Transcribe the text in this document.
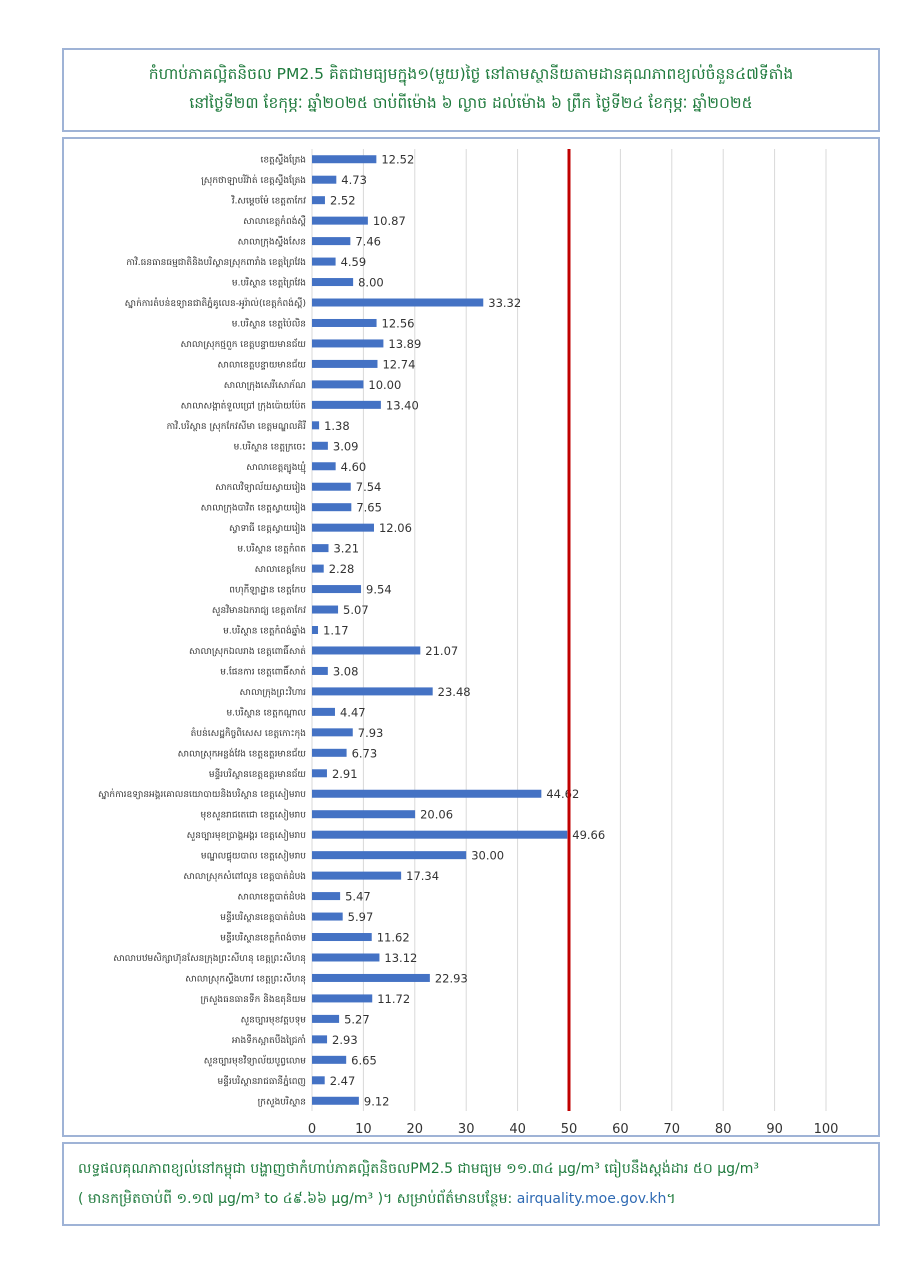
កំហាប់ភាគល្អិតនិចល PM2.5 គិតជាមធ្យមក្នុង១(មួយ)ថ្ងៃ នៅតាមស្ថានីយតាមដានគុណភាពខ្យល់ចំនួន៤៧ទីតាំង
នៅថ្ងៃទី២៣ ខែកុម្ភៈ ឆ្នាំ២០២៥ ចាប់ពីម៉ោង ៦ ល្ងាច ដល់ម៉ោង ៦ ព្រឹក ថ្ងៃទី២៤ ខែកុម្ភៈ ឆ្នាំ២០២៥
0	10	20	30	40	50	60	70	80	90 100
ខេត្តស្ទឹងត្រែង	12.52
ស្រុកថាឡាបរិវ៉ាត់ ខេត្តស្ទឹងត្រែង	4.73
វិ.សម្តេចម៉ែ ខេត្តតាកែវ 2.52
សាលាខេត្តកំពង់ស្ពឺ	10.87
សាលាក្រុងស្ទឹងសែន	7.46
កាវិ.ធនធានធម្មជាតិនិងបរិស្ថានស្រុកពារាំង ខេត្តព្រៃវែង	4.59
ម.បរិស្ថាន ខេត្តព្រៃវែង	8.00
ស្នាក់ការតំបន់ឧទ្យានជាតិភ្នំគូលេន-អូរ៉ាល់(ខេត្តកំពង់ស្ពឺ)	33.32
ម.បរិស្ថាន ខេត្តប៉ៃលិន	12.56
សាលាស្រុកថ្មពួក ខេត្តបន្ទាយមានជ័យ	13.89
សាលាខេត្តបន្ទាយមានជ័យ	12.74
សាលាក្រុងសេរីសោភ័ណ	10.00
សាលាសង្កាត់ទួលប្រៅ ក្រុងប៉ោយប៉ែត	13.40
កាវិ.បរិស្ថាន ស្រុកកែវសីមា ខេត្តមណ្ឌលគិរី 1.38
ម.បរិស្ថាន ខេត្តក្រចេះ 3.09
សាលាខេត្តត្បូងឃ្មុំ	4.60
សាកលវិទ្យាល័យស្វាយរៀង	7.54
សាលាក្រុងបាវិត ខេត្តស្វាយរៀង	7.65
ស្វាទាធី ខេត្តស្វាយរៀង	12.06
ម.បរិស្ថាន ខេត្តកំពត 3.21
សាលាខេត្តកែប 2.28
ពហុកីឡាដ្ឋាន ខេត្តកែប	9.54
សួនវិមានឯករាជ្យ ខេត្តតាកែវ	5.07
ម.បរិស្ថាន ខេត្តកំពង់ឆ្នាំង 1.17
សាលាស្រុកឯលរាង ខេត្តពោធិ៍សាត់	21.07
ម.ផែនការ ខេត្តពោធិ៍សាត់ 3.08
សាលាក្រុងព្រះវិហារ	23.48
ម.បរិស្ថាន ខេត្តកណ្តាល	4.47
តំបន់សេដ្ឋកិច្ចពិសេស ខេត្តកោះកុង	7.93
សាលាស្រុកអន្លង់វែង ខេត្តឧត្តរមានជ័យ	6.73
មន្ទីរបរិស្ថានខេត្តឧត្តរមានជ័យ 2.91
ស្នាក់ការឧទ្យានអង្គរគោលនយោបាយនិងបរិស្ថាន ខេត្តសៀមរាប	44.62
មុខសួនរាជតេជោ ខេត្តសៀមរាប	20.06
សួនច្បារមុខប្រាង្គអង្គរ ខេត្តសៀមរាប	49.66
មណ្ឌលផ្ទុយបាល ខេត្តសៀមរាប	30.00
សាលាស្រុកសំពៅលូន ខេត្តបាត់ដំបង	17.34
សាលាខេត្តបាត់ដំបង	5.47
មន្ទីរបរិស្ថានខេត្តបាត់ដំបង	5.97
មន្ទីរបរិស្ថានខេត្តកំពង់ចាម	11.62
សាលាបឋមសិក្សាហ៊ុនសែនក្រុងព្រះសីហនុ ខេត្តព្រះសីហនុ	13.12
សាលាស្រុកស្ទឹងហាវ ខេត្តព្រះសីហនុ	22.93
ក្រសួងធនធានទឹក និងឧតុនិយម	11.72
សួនច្បារមុខវត្តបទុម	5.27
អាងទឹកស្អាតបឹងជ្រៃកាំ 2.93
សួនច្បារមុខវិទ្យាល័យបូព្វលោម	6.65
មន្ទីរបរិស្ថានរាជធានីភ្នំពេញ 2.47
ក្រសួងបរិស្ថាន	9.12
លទ្ធផលគុណភាពខ្យល់នៅកម្ពុជា បង្ហាញថាកំហាប់ភាគល្អិតនិចលPM2.5 ជាមធ្យម ១១.៣៤ µg/m³ ធៀបនឹងស្តង់ដារ ៥០ µg/m³
( មានកម្រិតចាប់ពី ១.១៧ µg/m³ to ៤៩.៦៦ µg/m³ )។ សម្រាប់ព័ត៌មានបន្ថែម: airquality.moe.gov.kh។
